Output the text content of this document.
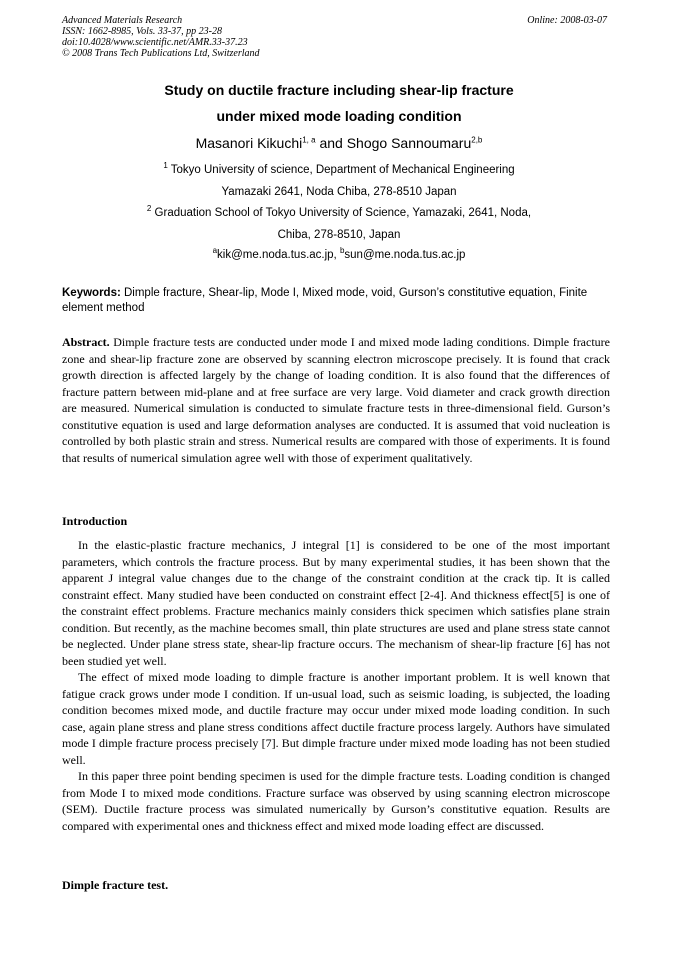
Advanced Materials Research
ISSN: 1662-8985, Vols. 33-37, pp 23-28
doi:10.4028/www.scientific.net/AMR.33-37.23
© 2008 Trans Tech Publications Ltd, Switzerland
Online: 2008-03-07
Study on ductile fracture including shear-lip fracture
under mixed mode loading condition
Masanori Kikuchi$^{1, a}$ and Shogo Sannoumaru$^{2,b}$
$^1$ Tokyo University of science, Department of Mechanical Engineering
Yamazaki 2641, Noda Chiba, 278-8510 Japan
$^2$ Graduation School of Tokyo University of Science, Yamazaki, 2641, Noda,
Chiba, 278-8510, Japan
$^a$kik@me.noda.tus.ac.jp, $^b$sun@me.noda.tus.ac.jp
Keywords: Dimple fracture, Shear-lip, Mode I, Mixed mode, void, Gurson’s constitutive equation, Finite element method
Abstract. Dimple fracture tests are conducted under mode I and mixed mode lading conditions. Dimple fracture zone and shear-lip fracture zone are observed by scanning electron microscope precisely. It is found that crack growth direction is affected largely by the change of loading condition. It is also found that the differences of fracture pattern between mid-plane and at free surface are very large. Void diameter and crack growth direction are measured. Numerical simulation is conducted to simulate fracture tests in three-dimensional field. Gurson’s constitutive equation is used and large deformation analyses are conducted. It is assumed that void nucleation is controlled by both plastic strain and stress. Numerical results are compared with those of experiments. It is found that results of numerical simulation agree well with those of experiment qualitatively.
Introduction

In the elastic-plastic fracture mechanics, J integral [1] is considered to be one of the most important parameters, which controls the fracture process. But by many experimental studies, it has been shown that the apparent J integral value changes due to the change of the constraint condition at the crack tip. It is called constraint effect. Many studied have been conducted on constraint effect [2-4]. And thickness effect[5] is one of the constraint effect problems. Fracture mechanics mainly considers thick specimen which satisfies plane strain condition. But recently, as the machine becomes small, thin plate structures are used and plane stress state cannot be neglected. Under plane stress state, shear-lip fracture occurs. The mechanism of shear-lip fracture [6] has not been studied yet well.

The effect of mixed mode loading to dimple fracture is another important problem. It is well known that fatigue crack grows under mode I condition. If un-usual load, such as seismic loading, is subjected, the loading condition becomes mixed mode, and ductile fracture may occur under mixed mode loading condition. In such case, again plane stress and plane stress conditions affect ductile fracture process largely. Authors have simulated mode I dimple fracture process precisely [7]. But dimple fracture under mixed mode loading has not been studied well.

In this paper three point bending specimen is used for the dimple fracture tests. Loading condition is changed from Mode I to mixed mode conditions. Fracture surface was observed by using scanning electron microscope (SEM). Ductile fracture process was simulated numerically by Gurson’s constitutive equation. Results are compared with experimental ones and thickness effect and mixed mode loading effect are discussed.

Dimple fracture test.
